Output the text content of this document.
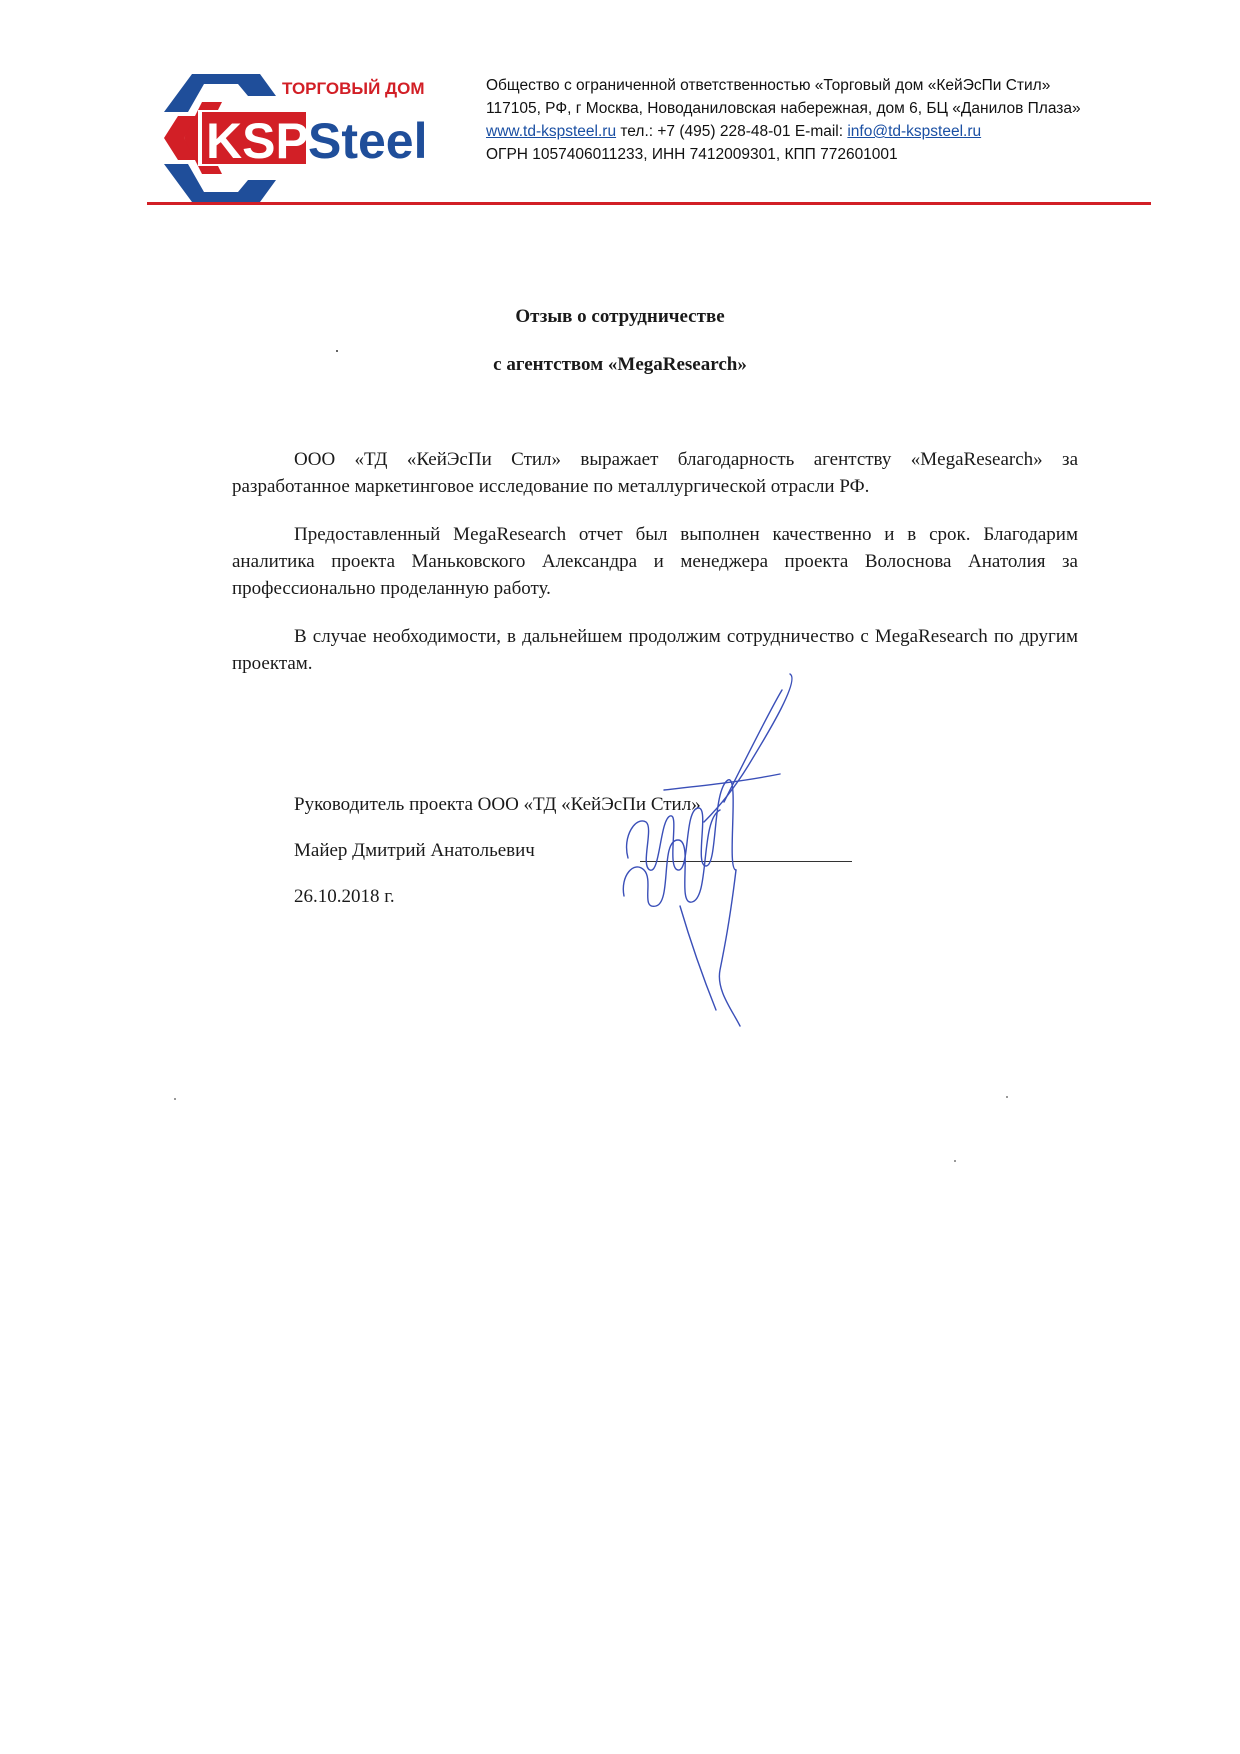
ТОРГОВЫЙ ДОМ
KSP Steel
Общество с ограниченной ответственностью «Торговый дом «КейЭсПи Стил»
117105, РФ, г Москва, Новоданиловская набережная, дом 6, БЦ «Данилов Плаза»
www.td-kspsteel.ru тел.: +7 (495) 228-48-01 E-mail: info@td-kspsteel.ru
ОГРН 1057406011233, ИНН 7412009301, КПП 772601001
Отзыв о сотрудничестве
с агентством «MegaResearch»

ООО «ТД «КейЭсПи Стил» выражает благодарность агентству «MegaResearch» за разработанное маркетинговое исследование по металлургической отрасли РФ.

Предоставленный MegaResearch отчет был выполнен качественно и в срок. Благодарим аналитика проекта Маньковского Александра и менеджера проекта Волоснова Анатолия за профессионально проделанную работу.

В случае необходимости, в дальнейшем продолжим сотрудничество с MegaResearch по другим проектам.

Руководитель проекта ООО «ТД «КейЭсПи Стил»
Майер Дмитрий Анатольевич
26.10.2018 г.
